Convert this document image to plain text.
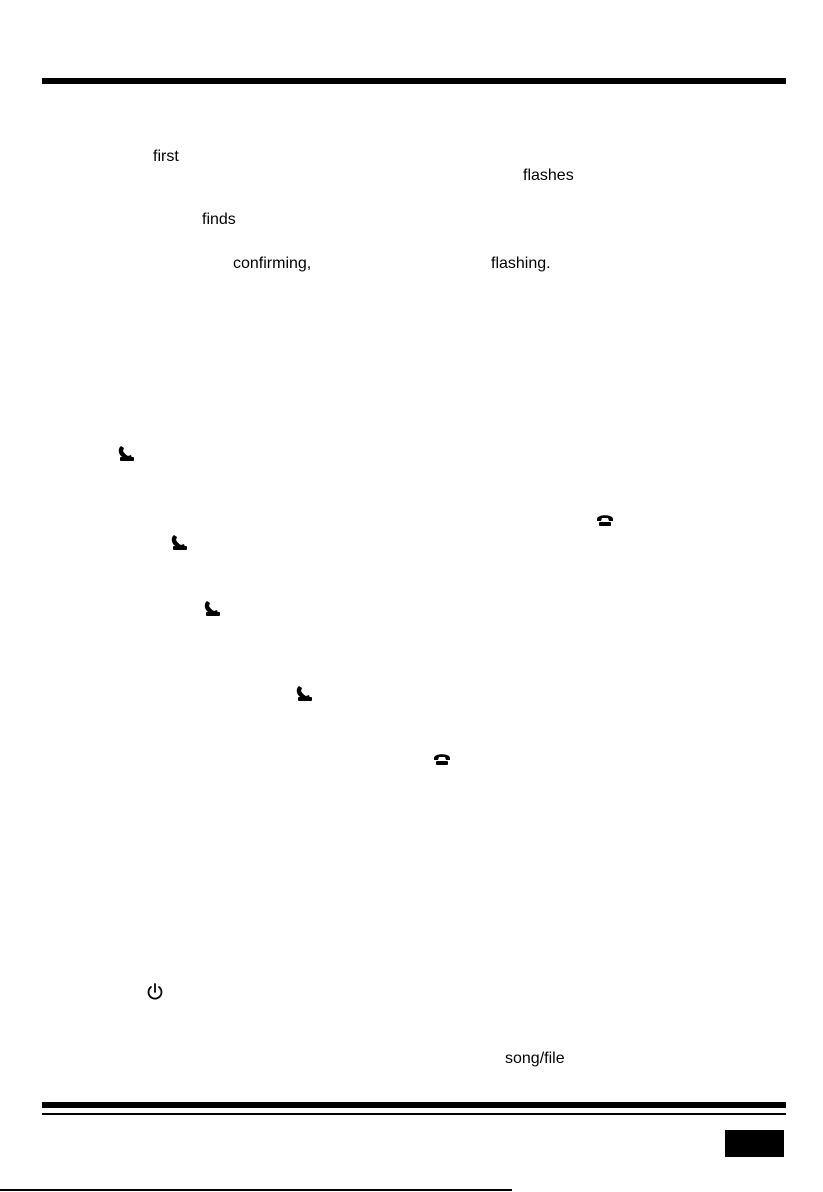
first
flashes
finds
confirming,	flashing.
song/file
